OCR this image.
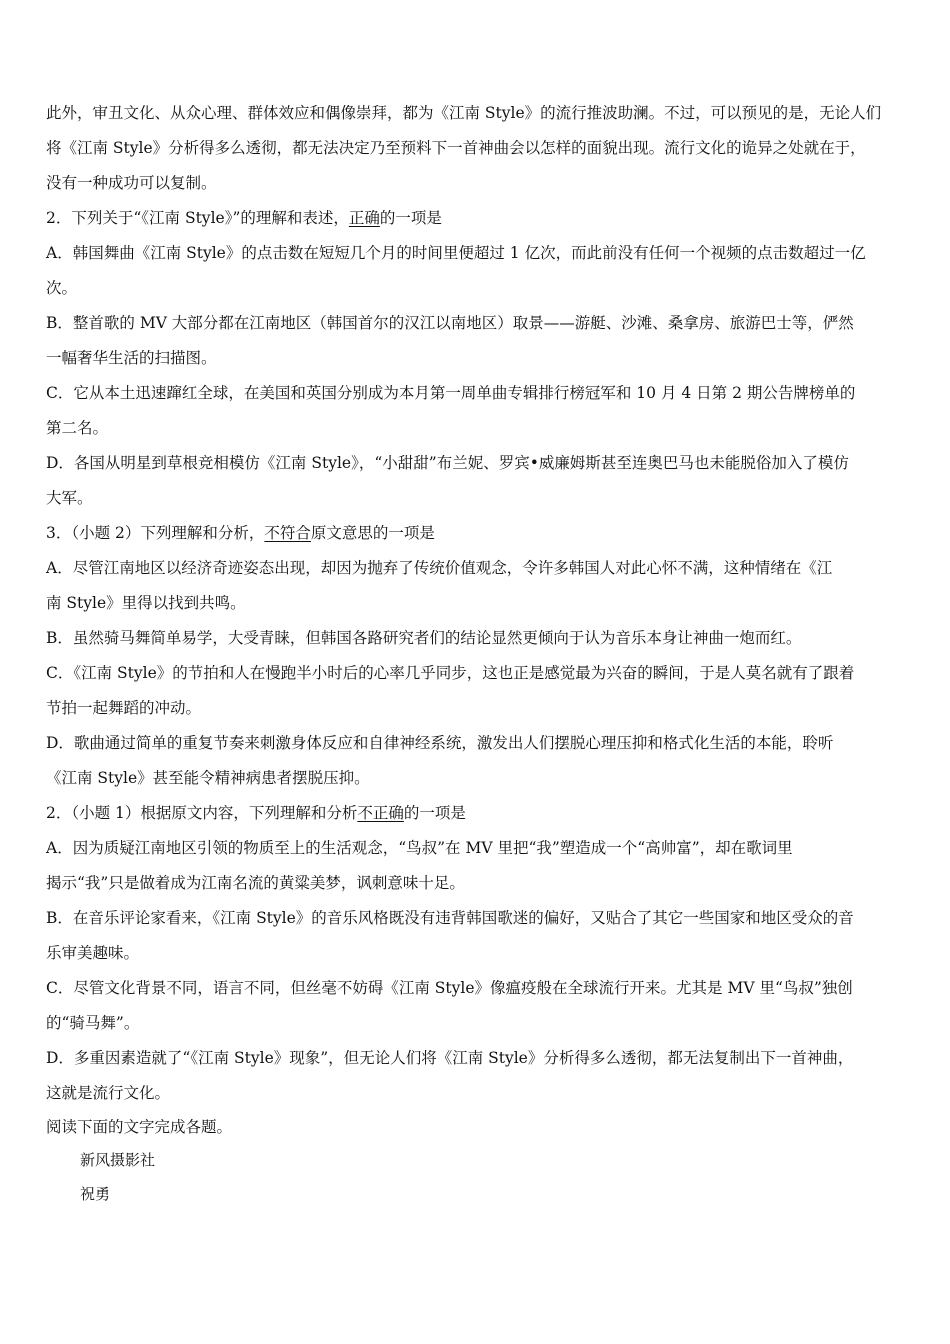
此外，审丑文化、从众心理、群体效应和偶像崇拜，都为《江南 Style》的流行推波助澜。不过，可以预见的是，无论人们

将《江南 Style》分析得多么透彻，都无法决定乃至预料下一首神曲会以怎样的面貌出现。流行文化的诡异之处就在于，

没有一种成功可以复制。

2．下列关于“《江南 Style》”的理解和表述，正确的一项是

A．韩国舞曲《江南 Style》的点击数在短短几个月的时间里便超过 1 亿次，而此前没有任何一个视频的点击数超过一亿

次。

B．整首歌的 MV 大部分都在江南地区（韩国首尔的汉江以南地区）取景——游艇、沙滩、桑拿房、旅游巴士等，俨然

一幅奢华生活的扫描图。

C．它从本土迅速蹿红全球，在美国和英国分别成为本月第一周单曲专辑排行榜冠军和 10 月 4 日第 2 期公告牌榜单的

第二名。

D．各国从明星到草根竞相模仿《江南 Style》，“小甜甜”布兰妮、罗宾•威廉姆斯甚至连奥巴马也未能脱俗加入了模仿

大军。

3．（小题 2）下列理解和分析，不符合原文意思的一项是

A．尽管江南地区以经济奇迹姿态出现，却因为抛弃了传统价值观念，令许多韩国人对此心怀不满，这种情绪在《江

南 Style》里得以找到共鸣。

B．虽然骑马舞简单易学，大受青睐，但韩国各路研究者们的结论显然更倾向于认为音乐本身让神曲一炮而红。

C．《江南 Style》的节拍和人在慢跑半小时后的心率几乎同步，这也正是感觉最为兴奋的瞬间，于是人莫名就有了跟着

节拍一起舞蹈的冲动。

D．歌曲通过简单的重复节奏来刺激身体反应和自律神经系统，激发出人们摆脱心理压抑和格式化生活的本能，聆听

《江南 Style》甚至能令精神病患者摆脱压抑。

2．（小题 1）根据原文内容，下列理解和分析不正确的一项是

A．因为质疑江南地区引领的物质至上的生活观念，“鸟叔”在 MV 里把“我”塑造成一个“高帅富”，却在歌词里

揭示“我”只是做着成为江南名流的黄粱美梦，讽刺意味十足。

B．在音乐评论家看来，《江南 Style》的音乐风格既没有违背韩国歌迷的偏好，又贴合了其它一些国家和地区受众的音

乐审美趣味。

C．尽管文化背景不同，语言不同，但丝毫不妨碍《江南 Style》像瘟疫般在全球流行开来。尤其是 MV 里“鸟叔”独创

的“骑马舞”。

D．多重因素造就了“《江南 Style》现象”，但无论人们将《江南 Style》分析得多么透彻，都无法复制出下一首神曲，

这就是流行文化。

阅读下面的文字完成各题。

新风摄影社

祝勇
